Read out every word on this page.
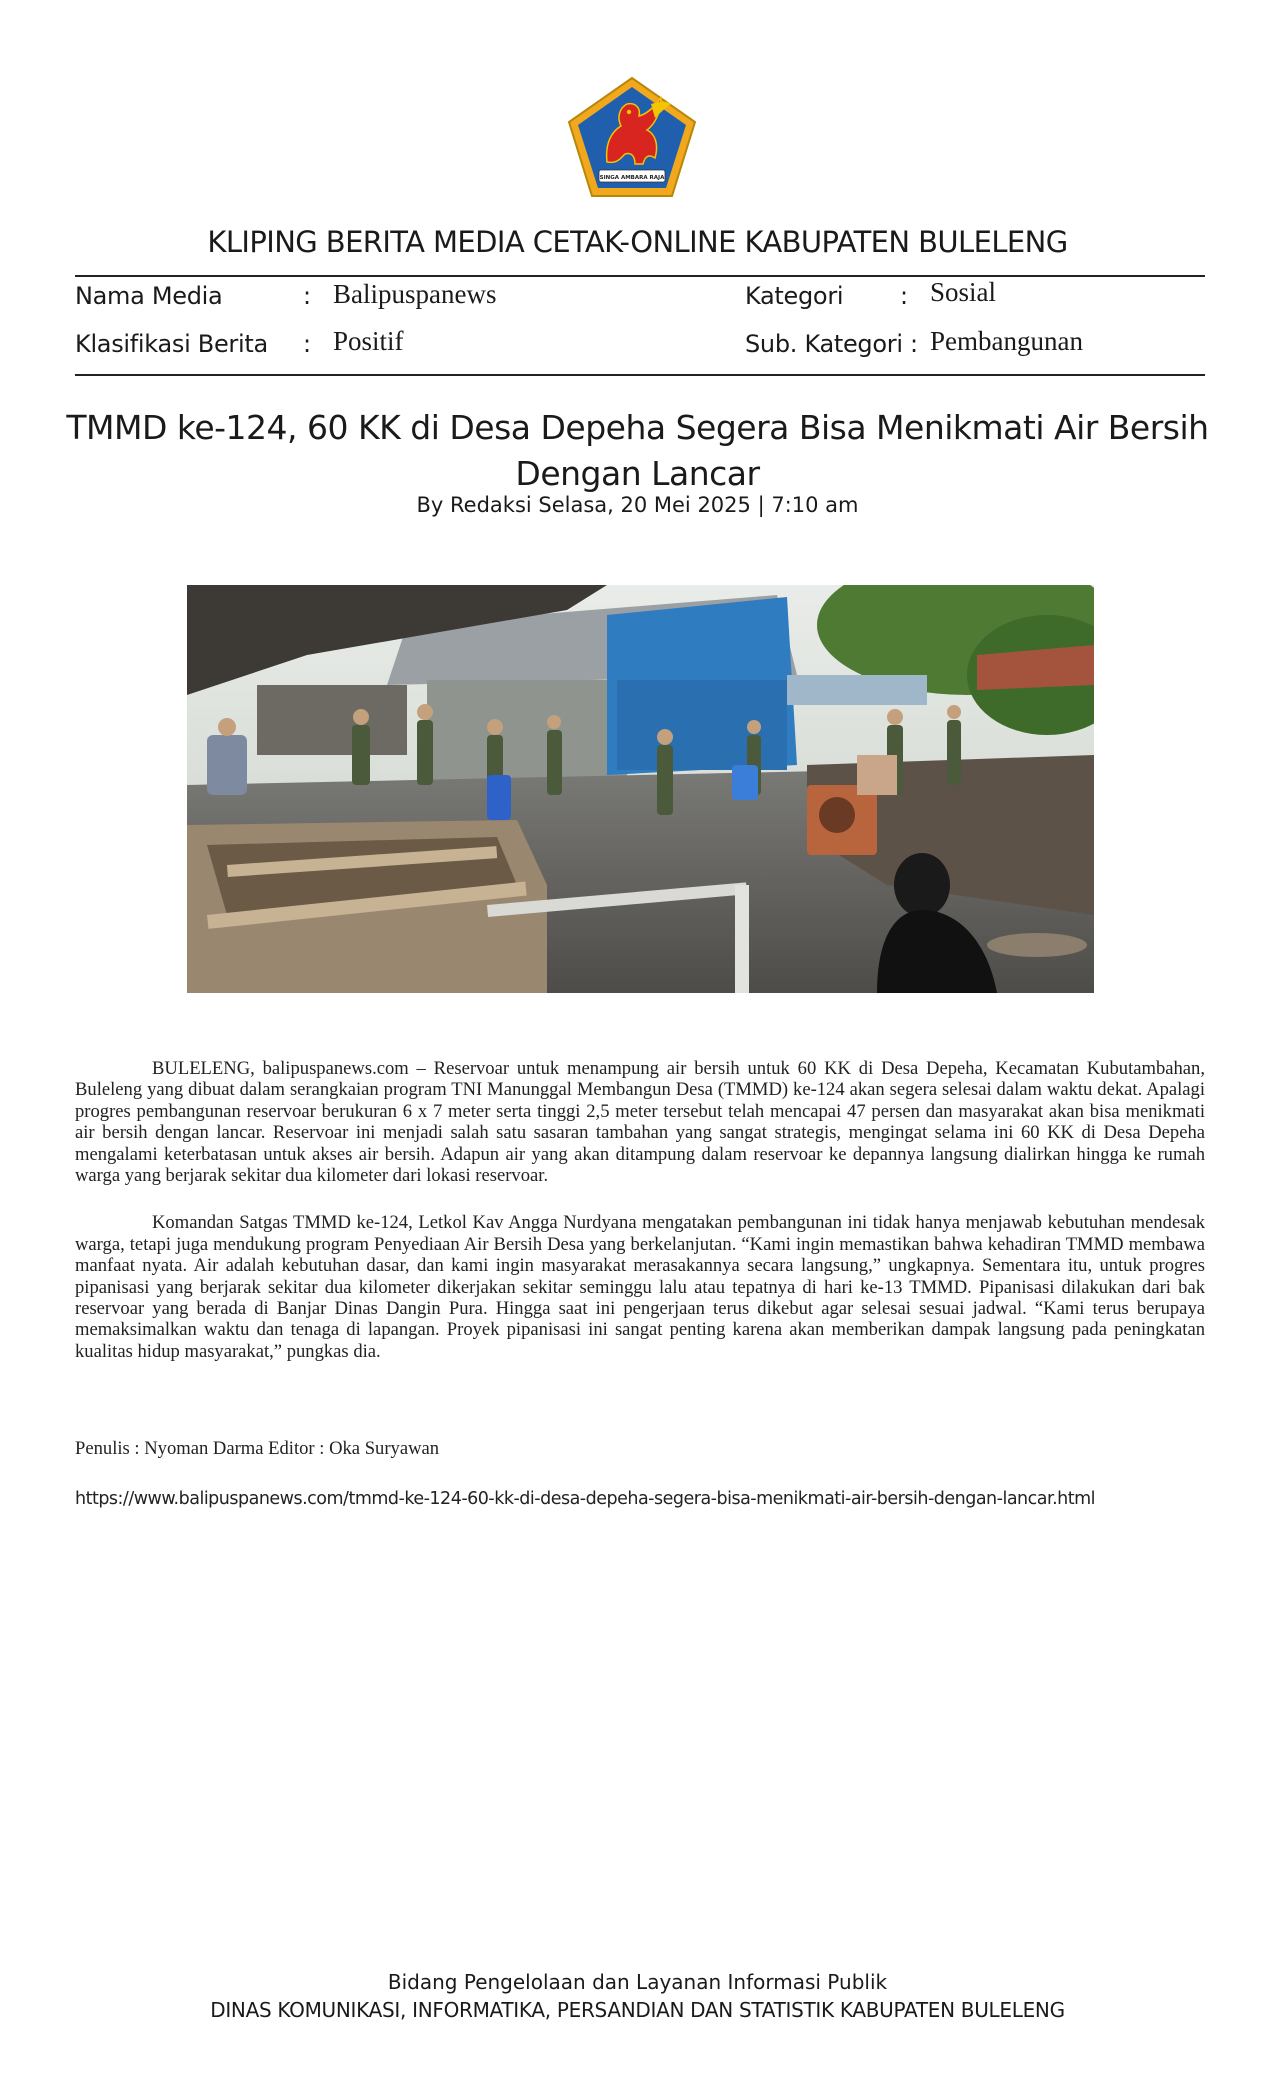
SINGA AMBARA RAJA
KLIPING BERITA MEDIA CETAK-ONLINE KABUPATEN BULELENG
Nama Media	: Balipuspanews	Kategori : Sosial
Klasifikasi Berita : Positif	Sub. Kategori : Pembangunan
TMMD ke-124, 60 KK di Desa Depeha Segera Bisa Menikmati Air Bersih Dengan Lancar
By Redaksi Selasa, 20 Mei 2025 | 7:10 am

BULELENG, balipuspanews.com – Reservoar untuk menampung air bersih untuk 60 KK di Desa Depeha, Kecamatan Kubutambahan, Buleleng yang dibuat dalam serangkaian program TNI Manunggal Membangun Desa (TMMD) ke-124 akan segera selesai dalam waktu dekat. Apalagi progres pembangunan reservoar berukuran 6 x 7 meter serta tinggi 2,5 meter tersebut telah mencapai 47 persen dan masyarakat akan bisa menikmati air bersih dengan lancar. Reservoar ini menjadi salah satu sasaran tambahan yang sangat strategis, mengingat selama ini 60 KK di Desa Depeha mengalami keterbatasan untuk akses air bersih. Adapun air yang akan ditampung dalam reservoar ke depannya langsung dialirkan hingga ke rumah warga yang berjarak sekitar dua kilometer dari lokasi reservoar.

Komandan Satgas TMMD ke-124, Letkol Kav Angga Nurdyana mengatakan pembangunan ini tidak hanya menjawab kebutuhan mendesak warga, tetapi juga mendukung program Penyediaan Air Bersih Desa yang berkelanjutan. “Kami ingin memastikan bahwa kehadiran TMMD membawa manfaat nyata. Air adalah kebutuhan dasar, dan kami ingin masyarakat merasakannya secara langsung,” ungkapnya. Sementara itu, untuk progres pipanisasi yang berjarak sekitar dua kilometer dikerjakan sekitar seminggu lalu atau tepatnya di hari ke-13 TMMD. Pipanisasi dilakukan dari bak reservoar yang berada di Banjar Dinas Dangin Pura. Hingga saat ini pengerjaan terus dikebut agar selesai sesuai jadwal. “Kami terus berupaya memaksimalkan waktu dan tenaga di lapangan. Proyek pipanisasi ini sangat penting karena akan memberikan dampak langsung pada peningkatan kualitas hidup masyarakat,” pungkas dia.

Penulis : Nyoman Darma Editor : Oka Suryawan
https://www.balipuspanews.com/tmmd-ke-124-60-kk-di-desa-depeha-segera-bisa-menikmati-air-bersih-dengan-lancar.html
Bidang Pengelolaan dan Layanan Informasi Publik
DINAS KOMUNIKASI, INFORMATIKA, PERSANDIAN DAN STATISTIK KABUPATEN BULELENG
